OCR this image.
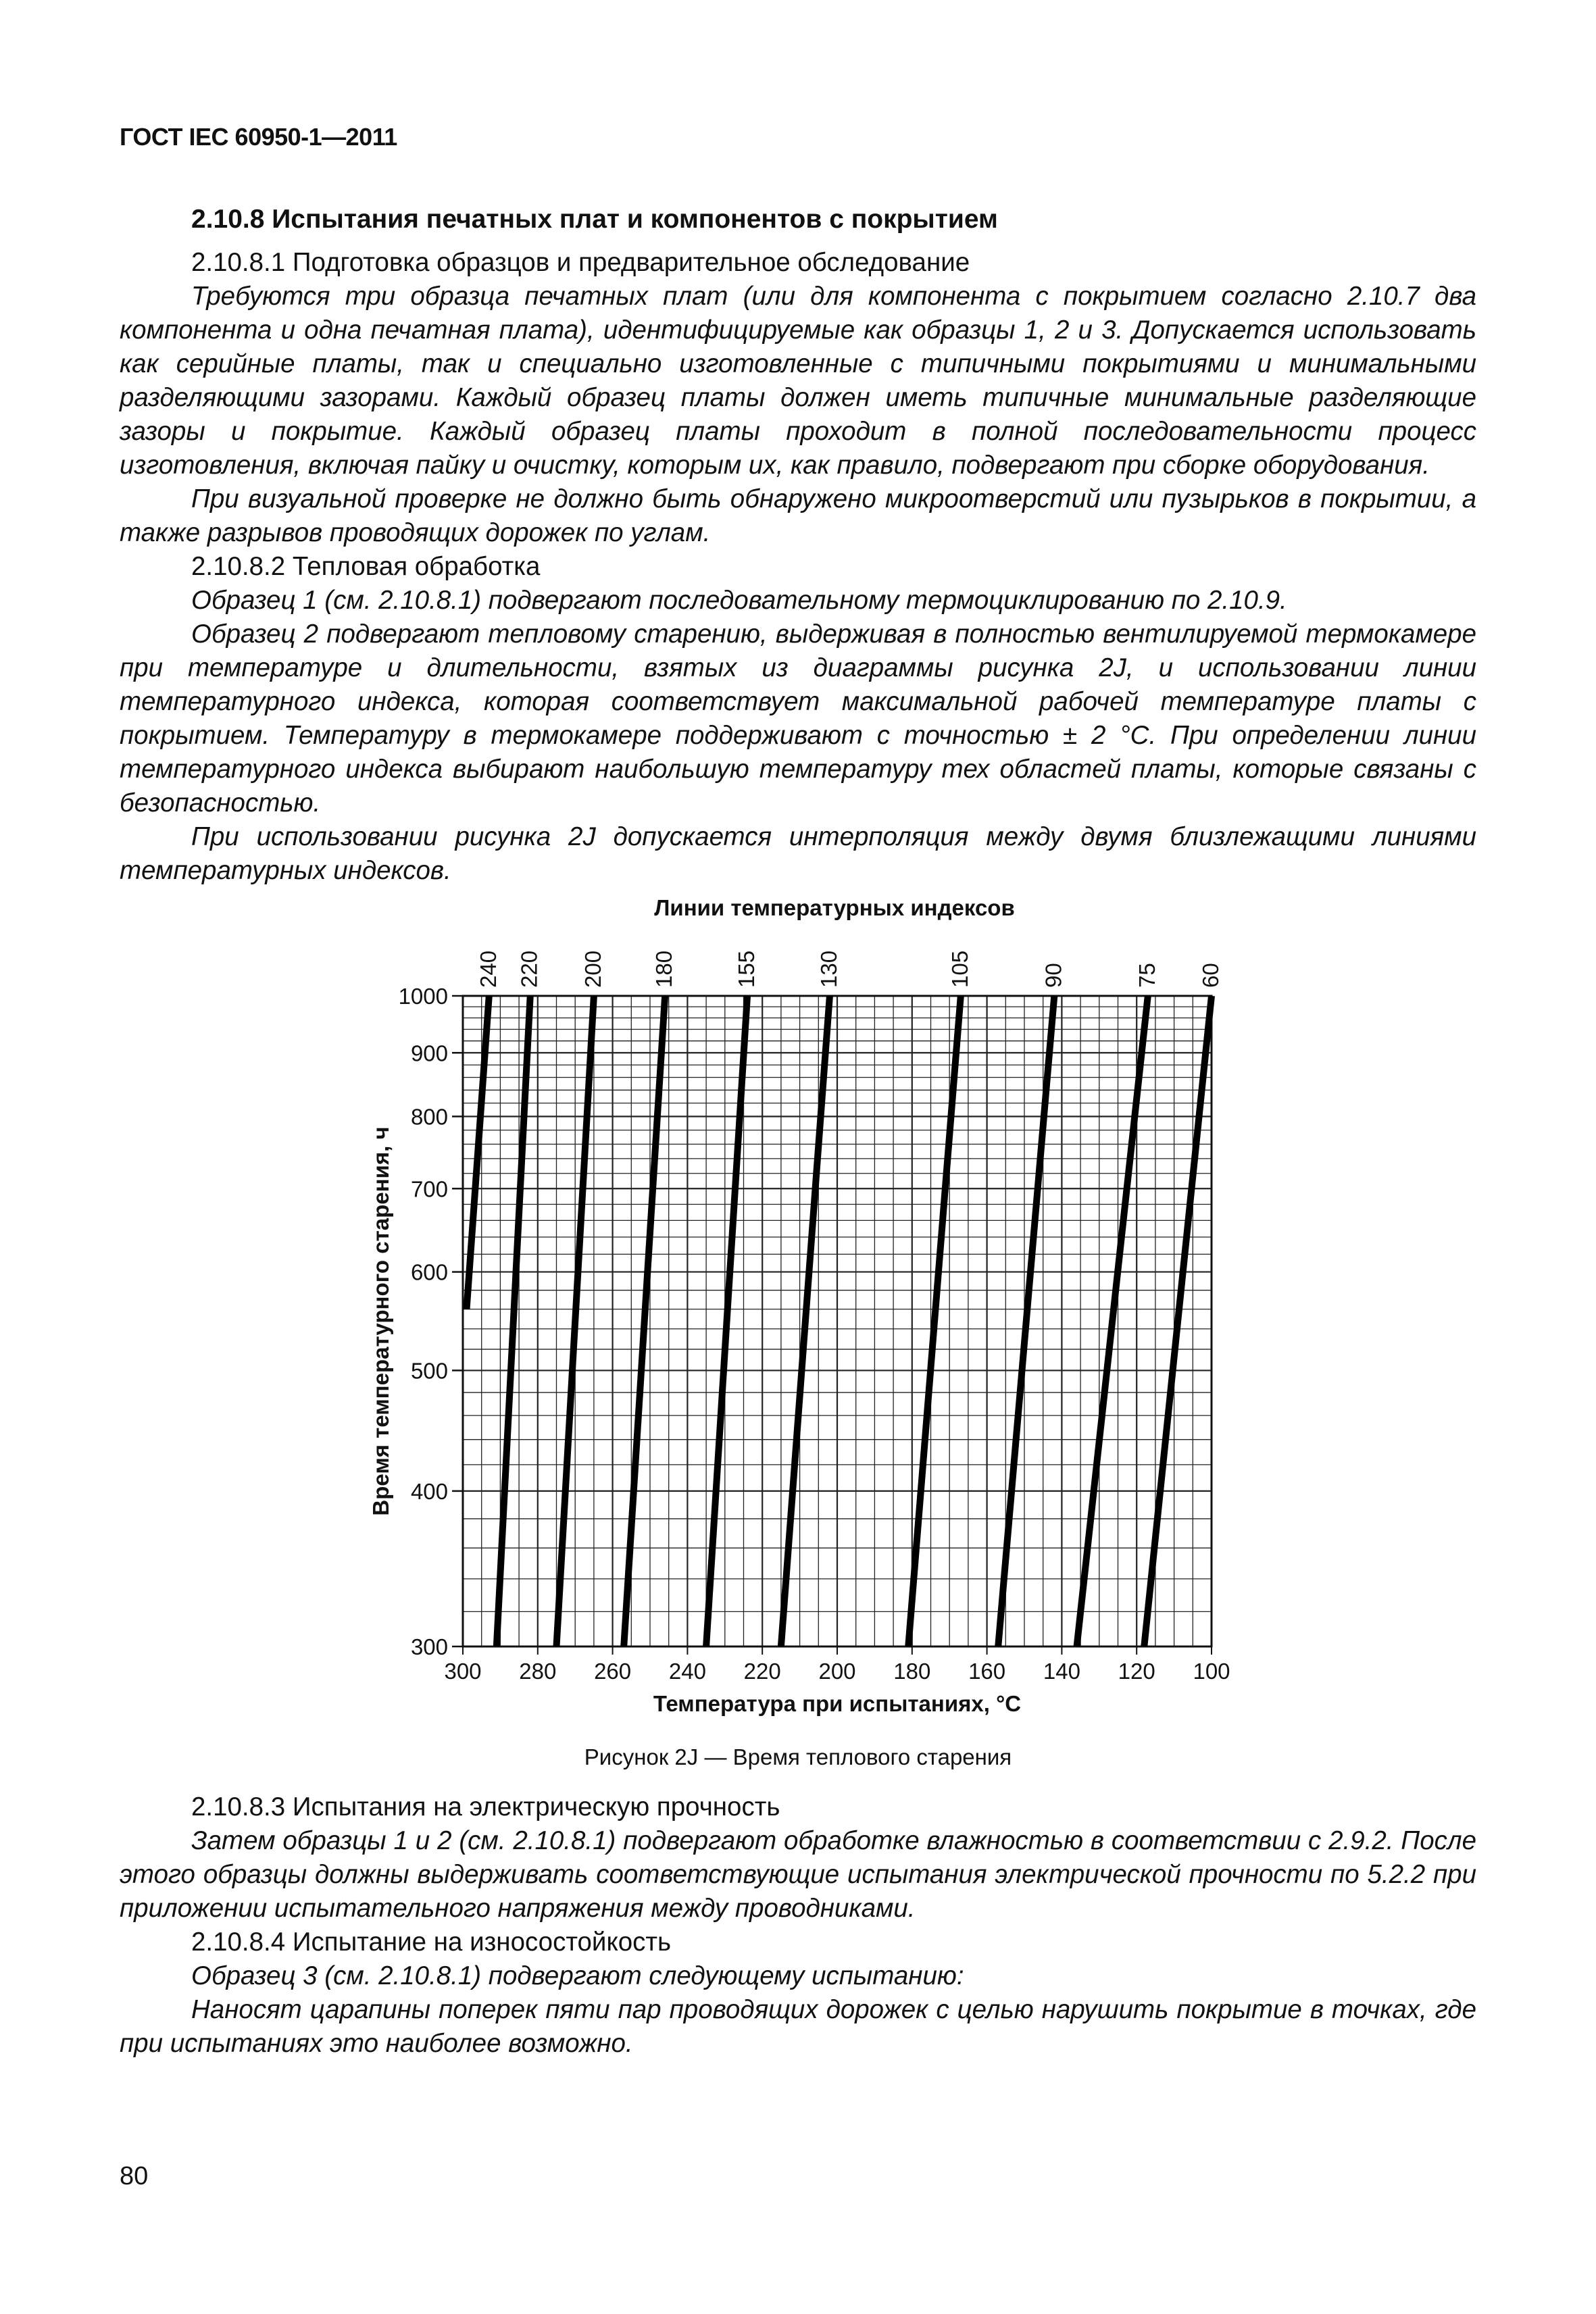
ГОСТ IEC 60950-1—2011

2.10.8 Испытания печатных плат и компонентов с покрытием

2.10.8.1 Подготовка образцов и предварительное обследование

Требуются три образца печатных плат (или для компонента с покрытием согласно 2.10.7 два компонента и одна печатная плата), идентифицируемые как образцы 1, 2 и 3. Допускается использовать как серийные платы, так и специально изготовленные с типичными покрытиями и минимальными разделяющими зазорами. Каждый образец платы должен иметь типичные минимальные разделяющие зазоры и покрытие. Каждый образец платы проходит в полной последовательности процесс изготовления, включая пайку и очистку, которым их, как правило, подвергают при сборке оборудования.

При визуальной проверке не должно быть обнаружено микроотверстий или пузырьков в покрытии, а также разрывов проводящих дорожек по углам.

2.10.8.2 Тепловая обработка

Образец 1 (см. 2.10.8.1) подвергают последовательному термоциклированию по 2.10.9.

Образец 2 подвергают тепловому старению, выдерживая в полностью вентилируемой термокамере при температуре и длительности, взятых из диаграммы рисунка 2J, и использовании линии температурного индекса, которая соответствует максимальной рабочей температуре платы с покрытием. Температуру в термокамере поддерживают с точностью ± 2 °С. При определении линии температурного индекса выбирают наибольшую температуру тех областей платы, которые связаны с безопасностью.

При использовании рисунка 2J допускается интерполяция между двумя близлежащими линиями температурных индексов.

Линии температурных индексов
240 220 200 180	155	130	105	90	75 60
300 280 260 240 220 200 180 160 140 120 100
300
400
500
600
700
800
900
1000
Температура при испытаниях, °С
Время температурного старения, ч
Рисунок 2J — Время теплового старения

2.10.8.3 Испытания на электрическую прочность

Затем образцы 1 и 2 (см. 2.10.8.1) подвергают обработке влажностью в соответствии с 2.9.2. После этого образцы должны выдерживать соответствующие испытания электрической прочности по 5.2.2 при приложении испытательного напряжения между проводниками.

2.10.8.4 Испытание на износостойкость

Образец 3 (см. 2.10.8.1) подвергают следующему испытанию:

Наносят царапины поперек пяти пар проводящих дорожек с целью нарушить покрытие в точках, где при испытаниях это наиболее возможно.

80
